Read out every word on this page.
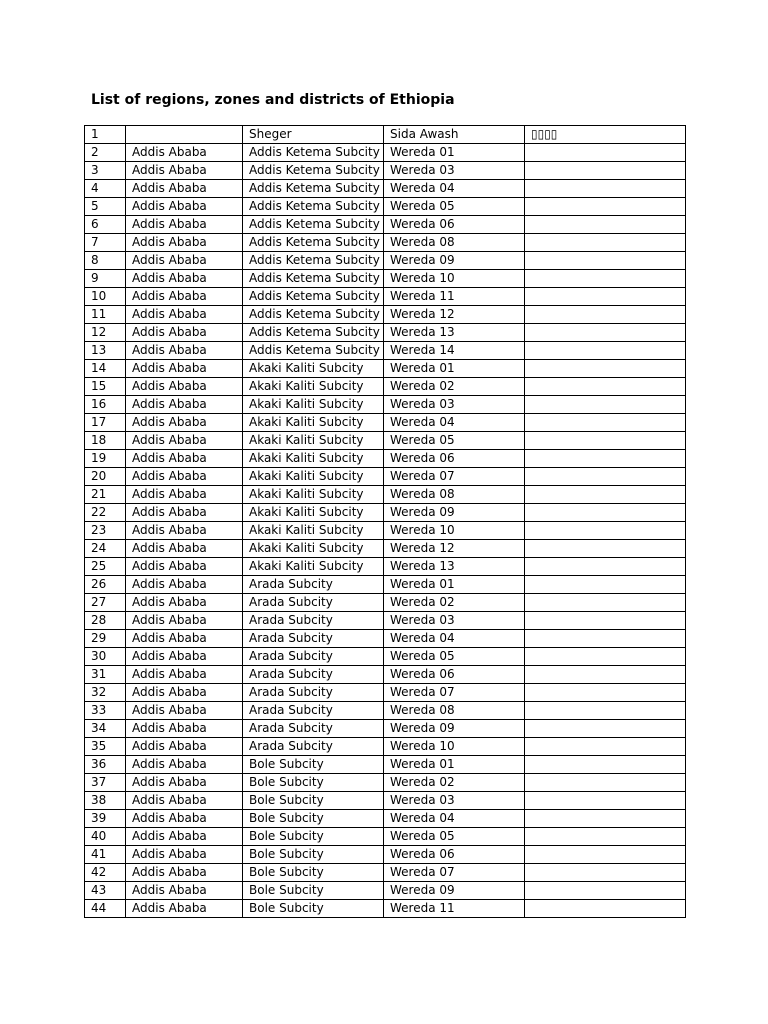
List of regions, zones and districts of Ethiopia
1		Sheger	Sida Awash	▯▯▯▯
2	Addis Ababa	Addis Ketema Subcity	Wereda 01	
3	Addis Ababa	Addis Ketema Subcity	Wereda 03	
4	Addis Ababa	Addis Ketema Subcity	Wereda 04	
5	Addis Ababa	Addis Ketema Subcity	Wereda 05	
6	Addis Ababa	Addis Ketema Subcity	Wereda 06	
7	Addis Ababa	Addis Ketema Subcity	Wereda 08	
8	Addis Ababa	Addis Ketema Subcity	Wereda 09	
9	Addis Ababa	Addis Ketema Subcity	Wereda 10	
10	Addis Ababa	Addis Ketema Subcity	Wereda 11	
11	Addis Ababa	Addis Ketema Subcity	Wereda 12	
12	Addis Ababa	Addis Ketema Subcity	Wereda 13	
13	Addis Ababa	Addis Ketema Subcity	Wereda 14	
14	Addis Ababa	Akaki Kaliti Subcity	Wereda 01	
15	Addis Ababa	Akaki Kaliti Subcity	Wereda 02	
16	Addis Ababa	Akaki Kaliti Subcity	Wereda 03	
17	Addis Ababa	Akaki Kaliti Subcity	Wereda 04	
18	Addis Ababa	Akaki Kaliti Subcity	Wereda 05	
19	Addis Ababa	Akaki Kaliti Subcity	Wereda 06	
20	Addis Ababa	Akaki Kaliti Subcity	Wereda 07	
21	Addis Ababa	Akaki Kaliti Subcity	Wereda 08	
22	Addis Ababa	Akaki Kaliti Subcity	Wereda 09	
23	Addis Ababa	Akaki Kaliti Subcity	Wereda 10	
24	Addis Ababa	Akaki Kaliti Subcity	Wereda 12	
25	Addis Ababa	Akaki Kaliti Subcity	Wereda 13	
26	Addis Ababa	Arada Subcity	Wereda 01	
27	Addis Ababa	Arada Subcity	Wereda 02	
28	Addis Ababa	Arada Subcity	Wereda 03	
29	Addis Ababa	Arada Subcity	Wereda 04	
30	Addis Ababa	Arada Subcity	Wereda 05	
31	Addis Ababa	Arada Subcity	Wereda 06	
32	Addis Ababa	Arada Subcity	Wereda 07	
33	Addis Ababa	Arada Subcity	Wereda 08	
34	Addis Ababa	Arada Subcity	Wereda 09	
35	Addis Ababa	Arada Subcity	Wereda 10	
36	Addis Ababa	Bole Subcity	Wereda 01	
37	Addis Ababa	Bole Subcity	Wereda 02	
38	Addis Ababa	Bole Subcity	Wereda 03	
39	Addis Ababa	Bole Subcity	Wereda 04	
40	Addis Ababa	Bole Subcity	Wereda 05	
41	Addis Ababa	Bole Subcity	Wereda 06	
42	Addis Ababa	Bole Subcity	Wereda 07	
43	Addis Ababa	Bole Subcity	Wereda 09	
44	Addis Ababa	Bole Subcity	Wereda 11	
